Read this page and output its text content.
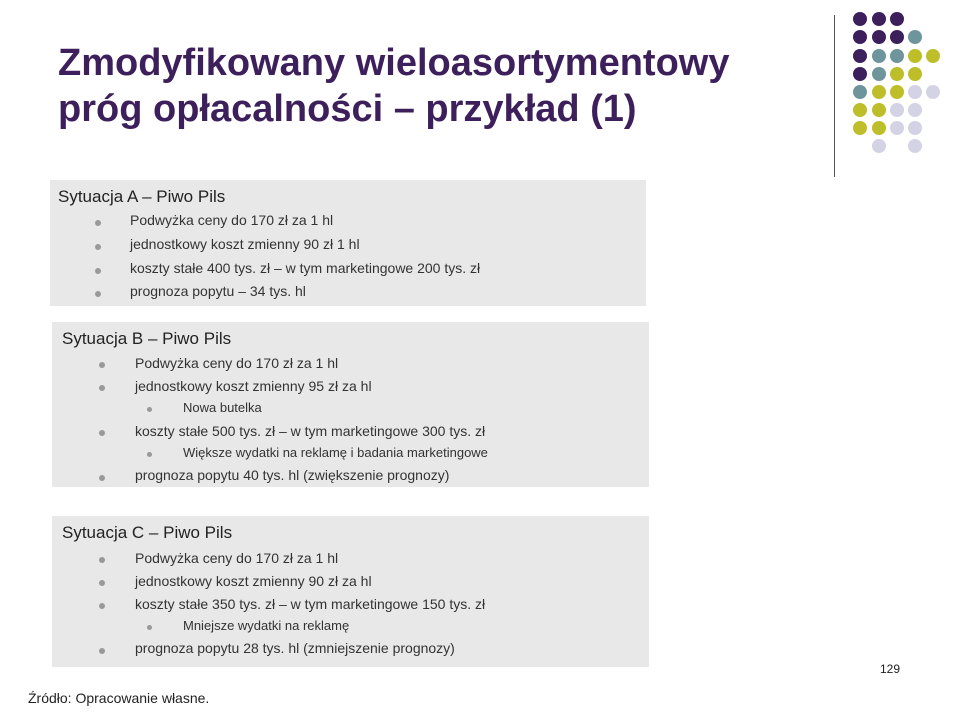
Zmodyfikowany wieloasortymentowy
próg opłacalności – przykład (1)
Sytuacja A – Piwo Pils
Podwyżka ceny do 170 zł za 1 hl
jednostkowy koszt zmienny 90 zł 1 hl
koszty stałe 400 tys. zł – w tym marketingowe 200 tys. zł
prognoza popytu – 34 tys. hl
Sytuacja B – Piwo Pils
Podwyżka ceny do 170 zł za 1 hl
jednostkowy koszt zmienny 95 zł za hl
Nowa butelka
koszty stałe 500 tys. zł – w tym marketingowe 300 tys. zł
Większe wydatki na reklamę i badania marketingowe
prognoza popytu 40 tys. hl (zwiększenie prognozy)
Sytuacja C – Piwo Pils
Podwyżka ceny do 170 zł za 1 hl
jednostkowy koszt zmienny 90 zł za hl
koszty stałe 350 tys. zł – w tym marketingowe 150 tys. zł
Mniejsze wydatki na reklamę
prognoza popytu 28 tys. hl (zmniejszenie prognozy)
129
Źródło: Opracowanie własne.
